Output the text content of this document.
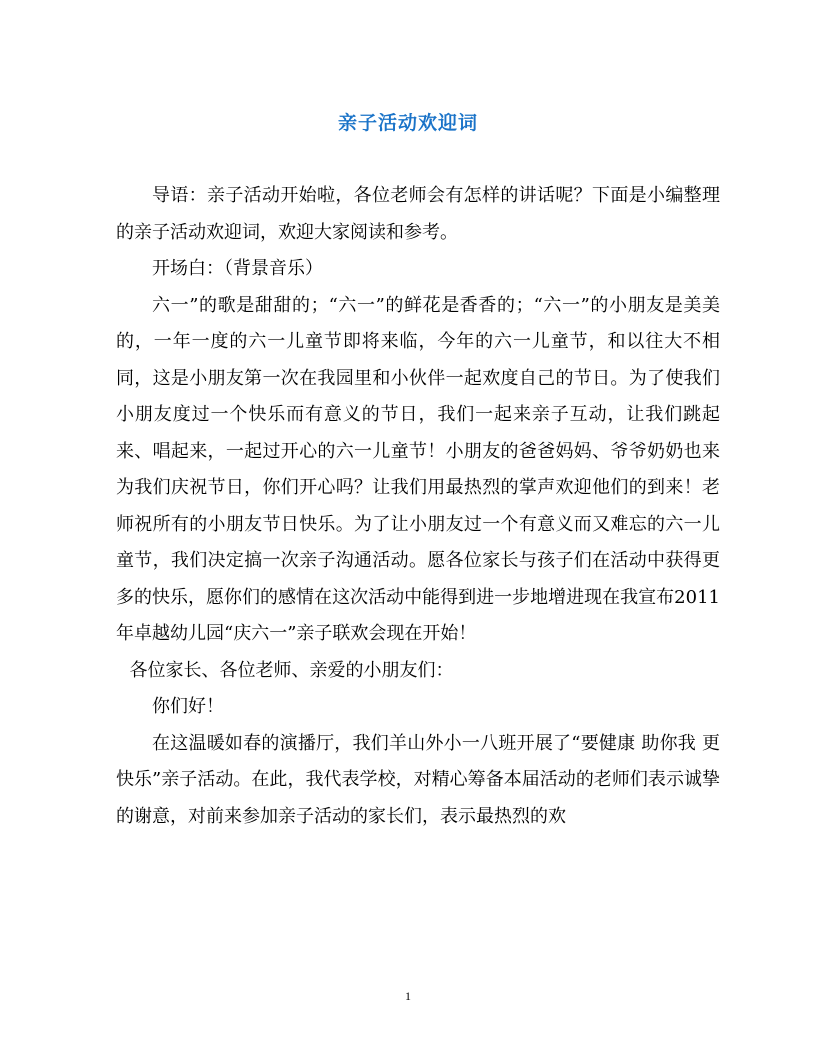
亲子活动欢迎词

导语：亲子活动开始啦，各位老师会有怎样的讲话呢？下面是小编整理的亲子活动欢迎词，欢迎大家阅读和参考。

开场白：（背景音乐）

六一”的歌是甜甜的；“六一”的鲜花是香香的；“六一”的小朋友是美美的，一年一度的六一儿童节即将来临，今年的六一儿童节，和以往大不相同，这是小朋友第一次在我园里和小伙伴一起欢度自己的节日。为了使我们小朋友度过一个快乐而有意义的节日，我们一起来亲子互动，让我们跳起来、唱起来，一起过开心的六一儿童节！小朋友的爸爸妈妈、爷爷奶奶也来为我们庆祝节日，你们开心吗？让我们用最热烈的掌声欢迎他们的到来！老师祝所有的小朋友节日快乐。为了让小朋友过一个有意义而又难忘的六一儿童节，我们决定搞一次亲子沟通活动。愿各位家长与孩子们在活动中获得更多的快乐，愿你们的感情在这次活动中能得到进一步地增进现在我宣布2011年卓越幼儿园“庆六一”亲子联欢会现在开始！

各位家长、各位老师、亲爱的小朋友们：

你们好！

在这温暖如春的演播厅，我们羊山外小一八班开展了“要健康 助你我 更快乐”亲子活动。在此，我代表学校，对精心筹备本届活动的老师们表示诚挚的谢意，对前来参加亲子活动的家长们，表示最热烈的欢

1
